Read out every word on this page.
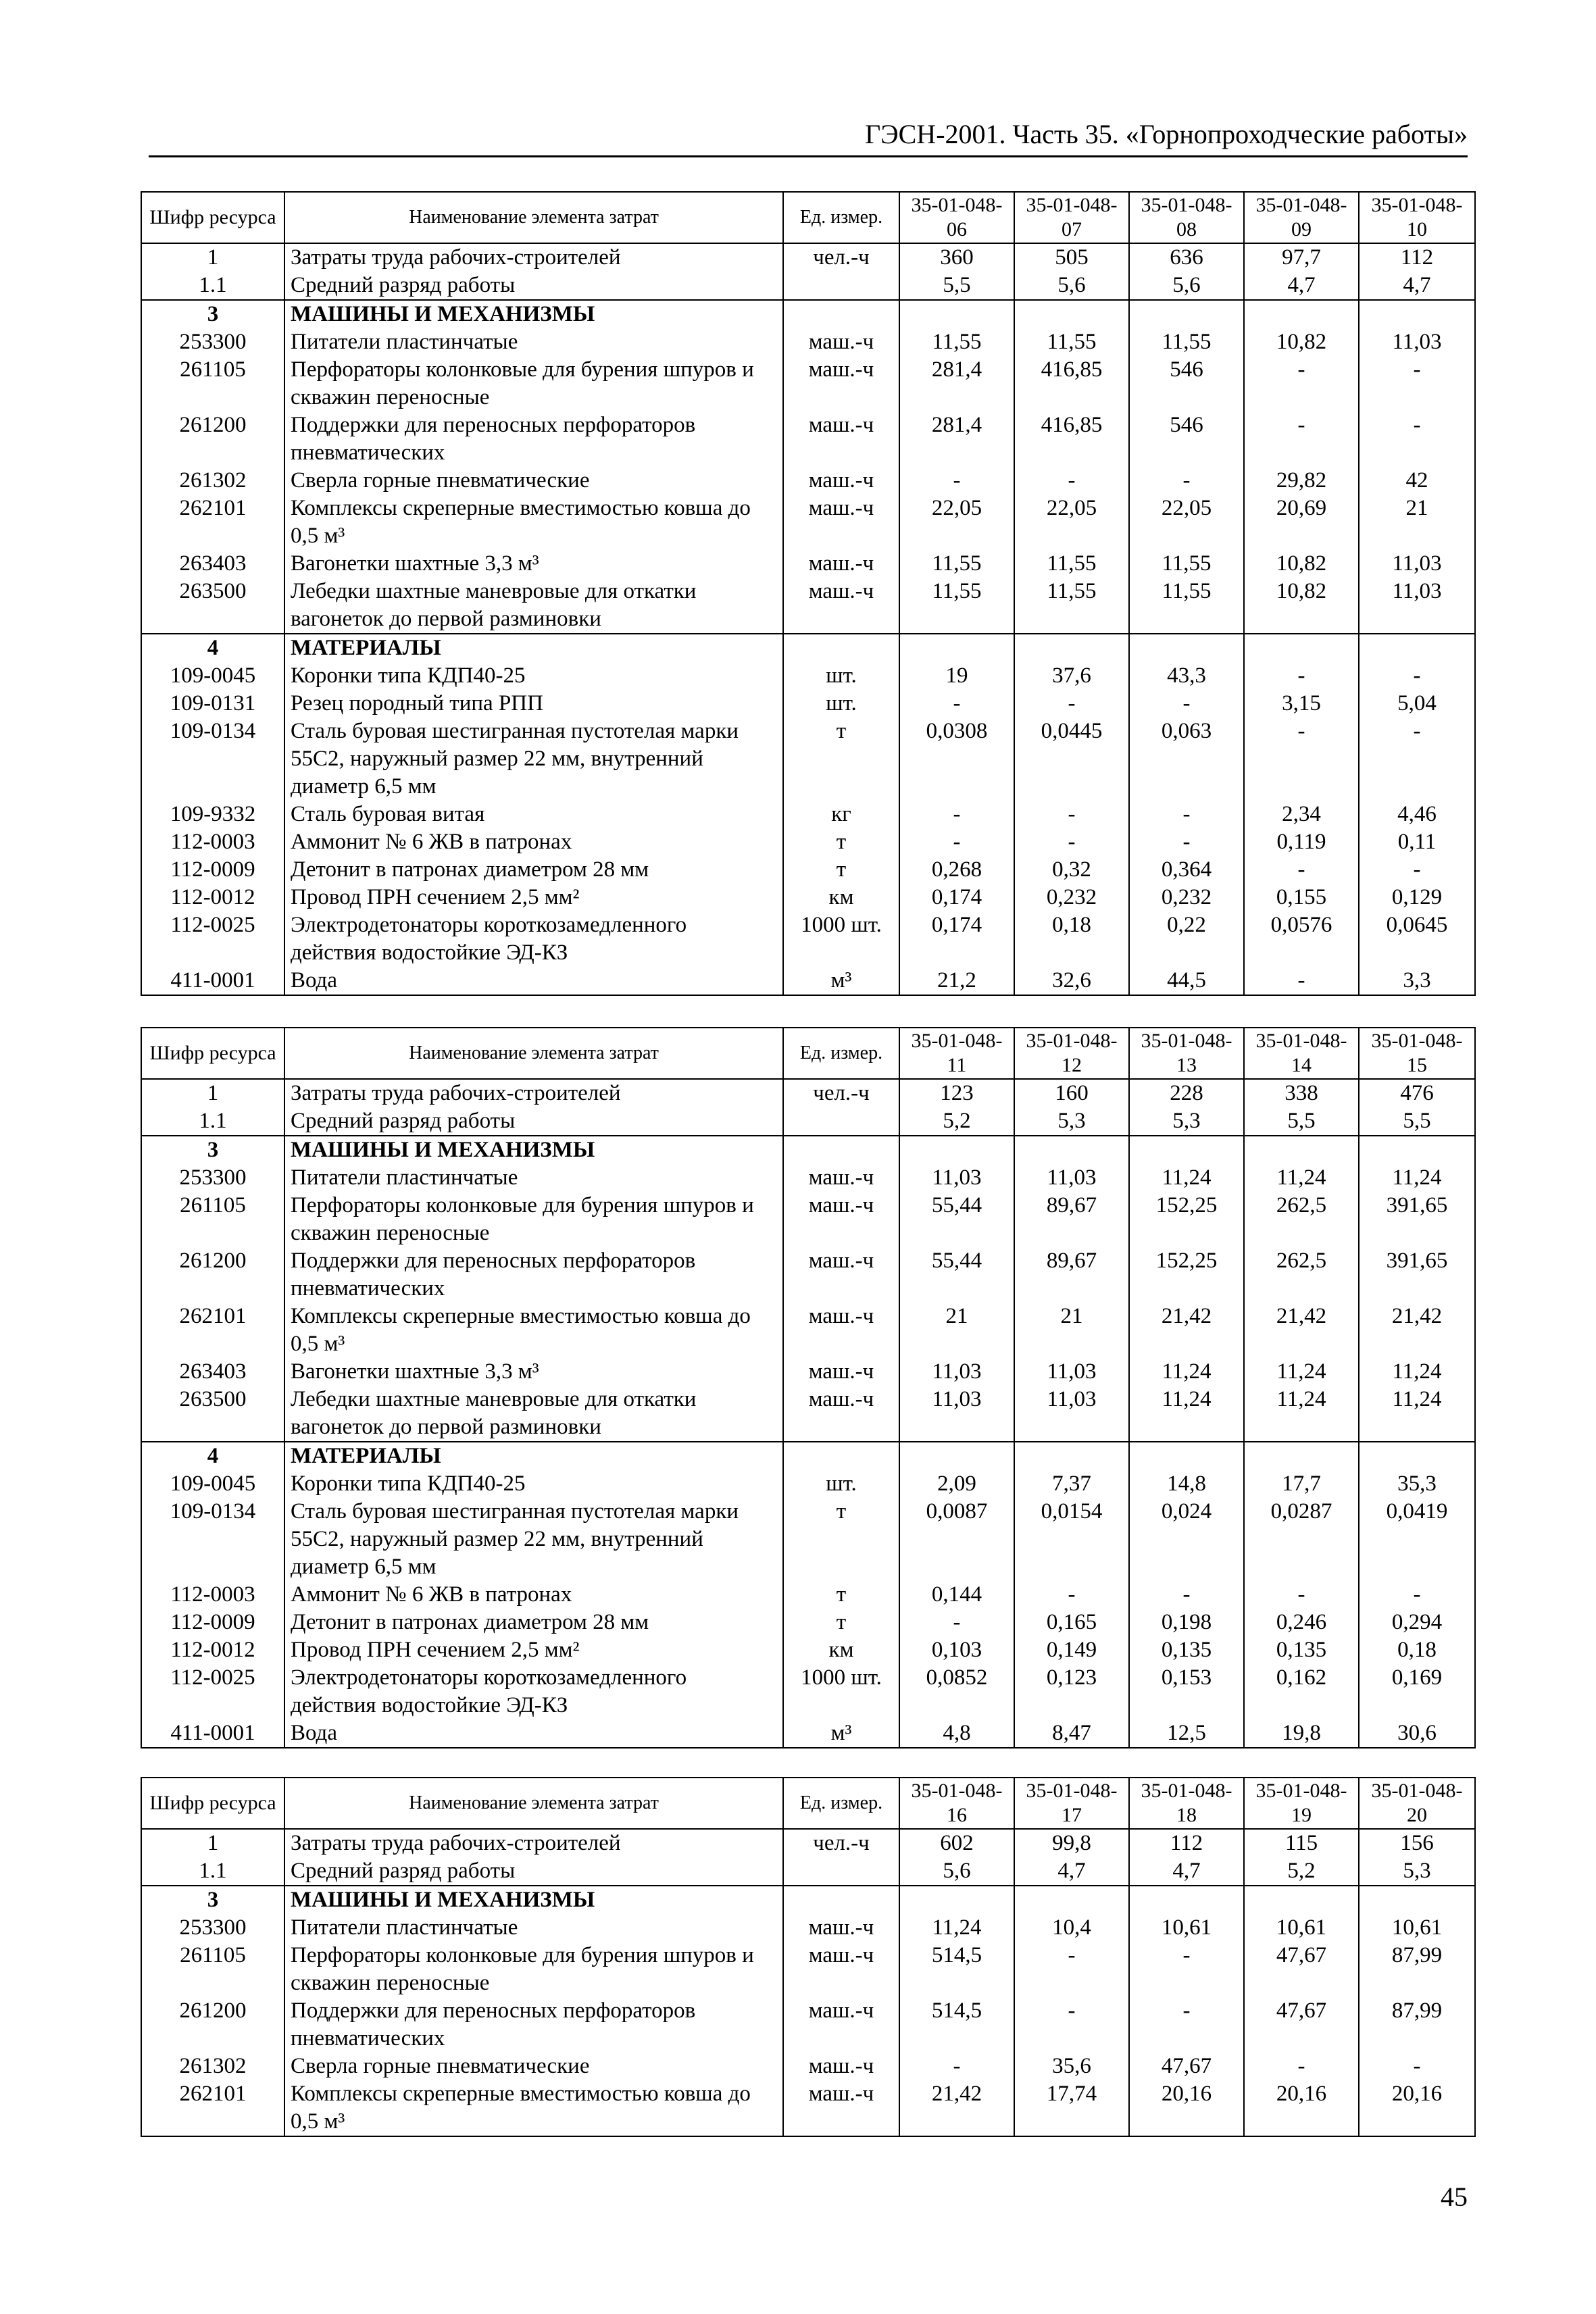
ГЭСН-2001. Часть 35. «Горнопроходческие работы»
Шифр ресурса	Наименование элемента затрат	Ед. измер.	35-01-048-06	35-01-048-07	35-01-048-08	35-01-048-09	35-01-048-10
1	Затраты труда рабочих-строителей	чел.-ч	360	505	636	97,7	112
1.1	Средний разряд работы		5,5	5,6	5,6	4,7	4,7
3	МАШИНЫ И МЕХАНИЗМЫ						
253300	Питатели пластинчатые	маш.-ч	11,55	11,55	11,55	10,82	11,03
261105	Перфораторы колонковые для бурения шпуров и скважин переносные	маш.-ч	281,4	416,85	546	-	-
261200	Поддержки для переносных перфораторов пневматических	маш.-ч	281,4	416,85	546	-	-
261302	Сверла горные пневматические	маш.-ч	-	-	-	29,82	42
262101	Комплексы скреперные вместимостью ковша до 0,5 м³	маш.-ч	22,05	22,05	22,05	20,69	21
263403	Вагонетки шахтные 3,3 м³	маш.-ч	11,55	11,55	11,55	10,82	11,03
263500	Лебедки шахтные маневровые для откатки вагонеток до первой разминовки	маш.-ч	11,55	11,55	11,55	10,82	11,03
4	МАТЕРИАЛЫ						
109-0045	Коронки типа КДП40-25	шт.	19	37,6	43,3	-	-
109-0131	Резец породный типа РПП	шт.	-	-	-	3,15	5,04
109-0134	Сталь буровая шестигранная пустотелая марки 55С2, наружный размер 22 мм, внутренний диаметр 6,5 мм	т	0,0308	0,0445	0,063	-	-
109-9332	Сталь буровая витая	кг	-	-	-	2,34	4,46
112-0003	Аммонит № 6 ЖВ в патронах	т	-	-	-	0,119	0,11
112-0009	Детонит в патронах диаметром 28 мм	т	0,268	0,32	0,364	-	-
112-0012	Провод ПРН сечением 2,5 мм²	км	0,174	0,232	0,232	0,155	0,129
112-0025	Электродетонаторы короткозамедленного действия водостойкие ЭД-КЗ	1000 шт.	0,174	0,18	0,22	0,0576	0,0645
411-0001	Вода	м³	21,2	32,6	44,5	-	3,3
Шифр ресурса	Наименование элемента затрат	Ед. измер.	35-01-048-11	35-01-048-12	35-01-048-13	35-01-048-14	35-01-048-15
1	Затраты труда рабочих-строителей	чел.-ч	123	160	228	338	476
1.1	Средний разряд работы		5,2	5,3	5,3	5,5	5,5
3	МАШИНЫ И МЕХАНИЗМЫ						
253300	Питатели пластинчатые	маш.-ч	11,03	11,03	11,24	11,24	11,24
261105	Перфораторы колонковые для бурения шпуров и скважин переносные	маш.-ч	55,44	89,67	152,25	262,5	391,65
261200	Поддержки для переносных перфораторов пневматических	маш.-ч	55,44	89,67	152,25	262,5	391,65
262101	Комплексы скреперные вместимостью ковша до 0,5 м³	маш.-ч	21	21	21,42	21,42	21,42
263403	Вагонетки шахтные 3,3 м³	маш.-ч	11,03	11,03	11,24	11,24	11,24
263500	Лебедки шахтные маневровые для откатки вагонеток до первой разминовки	маш.-ч	11,03	11,03	11,24	11,24	11,24
4	МАТЕРИАЛЫ						
109-0045	Коронки типа КДП40-25	шт.	2,09	7,37	14,8	17,7	35,3
109-0134	Сталь буровая шестигранная пустотелая марки 55С2, наружный размер 22 мм, внутренний диаметр 6,5 мм	т	0,0087	0,0154	0,024	0,0287	0,0419
112-0003	Аммонит № 6 ЖВ в патронах	т	0,144	-	-	-	-
112-0009	Детонит в патронах диаметром 28 мм	т	-	0,165	0,198	0,246	0,294
112-0012	Провод ПРН сечением 2,5 мм²	км	0,103	0,149	0,135	0,135	0,18
112-0025	Электродетонаторы короткозамедленного действия водостойкие ЭД-КЗ	1000 шт.	0,0852	0,123	0,153	0,162	0,169
411-0001	Вода	м³	4,8	8,47	12,5	19,8	30,6
Шифр ресурса	Наименование элемента затрат	Ед. измер.	35-01-048-16	35-01-048-17	35-01-048-18	35-01-048-19	35-01-048-20
1	Затраты труда рабочих-строителей	чел.-ч	602	99,8	112	115	156
1.1	Средний разряд работы		5,6	4,7	4,7	5,2	5,3
3	МАШИНЫ И МЕХАНИЗМЫ						
253300	Питатели пластинчатые	маш.-ч	11,24	10,4	10,61	10,61	10,61
261105	Перфораторы колонковые для бурения шпуров и скважин переносные	маш.-ч	514,5	-	-	47,67	87,99
261200	Поддержки для переносных перфораторов пневматических	маш.-ч	514,5	-	-	47,67	87,99
261302	Сверла горные пневматические	маш.-ч	-	35,6	47,67	-	-
262101	Комплексы скреперные вместимостью ковша до 0,5 м³	маш.-ч	21,42	17,74	20,16	20,16	20,16
45
